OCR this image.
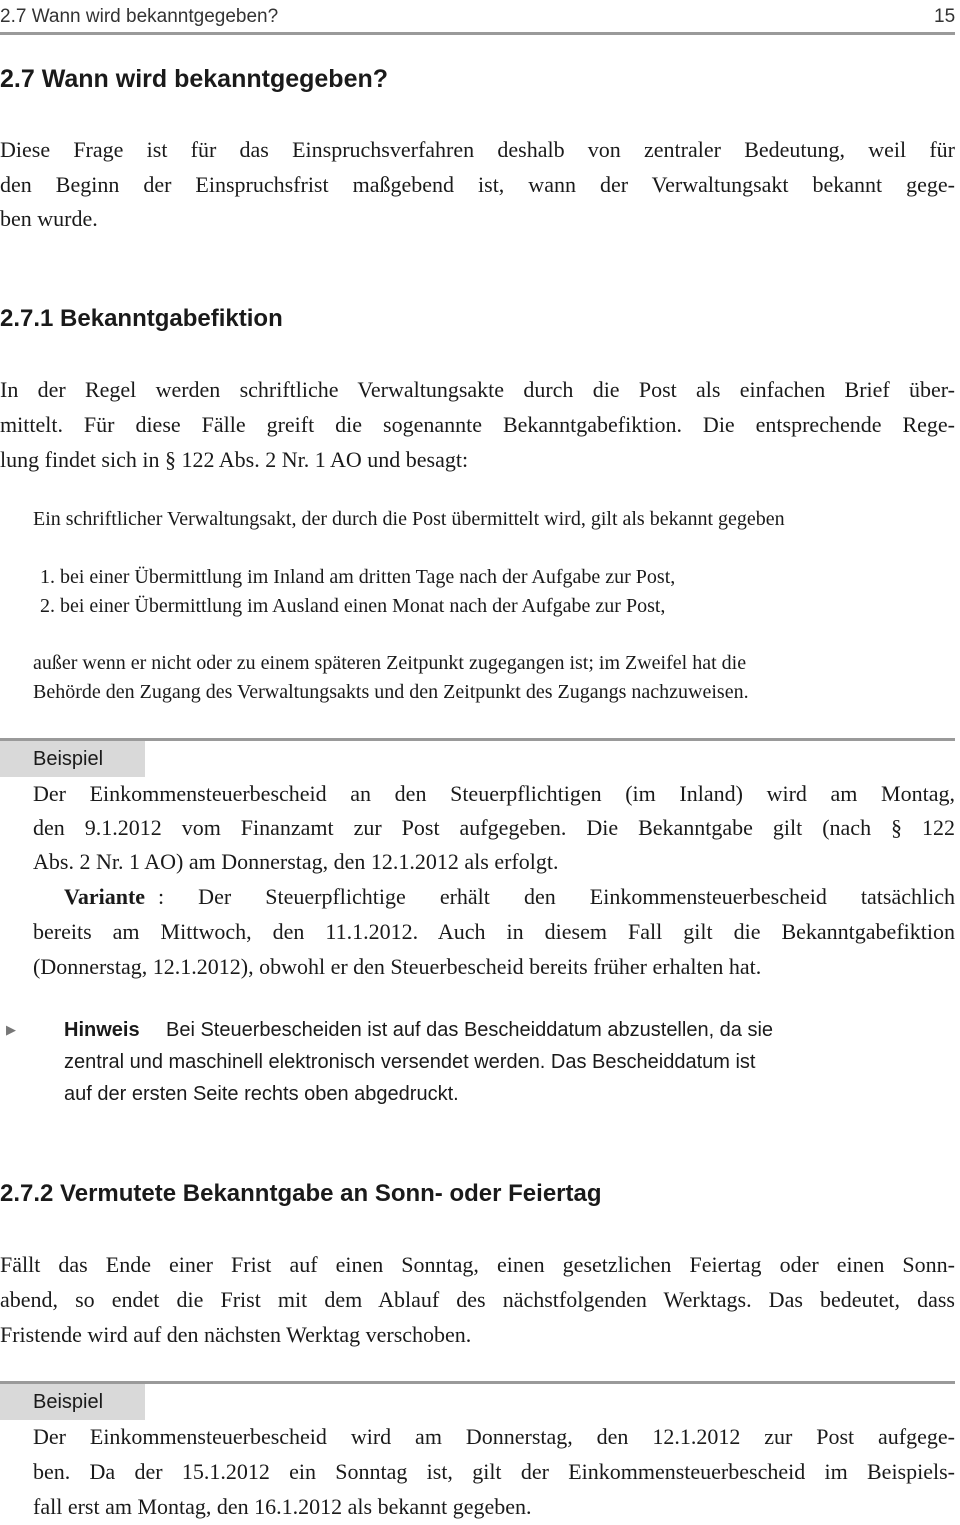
2.7 Wann wird bekanntgegeben?	15
2.7 Wann wird bekanntgegeben?
Diese Frage ist für das Einspruchsverfahren deshalb von zentraler Bedeutung, weil für
den Beginn der Einspruchsfrist maßgebend ist, wann der Verwaltungsakt bekannt gege-
ben wurde.
2.7.1 Bekanntgabefiktion
In der Regel werden schriftliche Verwaltungsakte durch die Post als einfachen Brief über-
mittelt. Für diese Fälle greift die sogenannte Bekanntgabefiktion. Die entsprechende Rege-
lung findet sich in § 122 Abs. 2 Nr. 1 AO und besagt:
Ein schriftlicher Verwaltungsakt, der durch die Post übermittelt wird, gilt als bekannt gegeben
1. bei einer Übermittlung im Inland am dritten Tage nach der Aufgabe zur Post,
2. bei einer Übermittlung im Ausland einen Monat nach der Aufgabe zur Post,
außer wenn er nicht oder zu einem späteren Zeitpunkt zugegangen ist; im Zweifel hat die
Behörde den Zugang des Verwaltungsakts und den Zeitpunkt des Zugangs nachzuweisen.
Beispiel
Der Einkommensteuerbescheid an den Steuerpflichtigen (im Inland) wird am Montag,
den 9.1.2012 vom Finanzamt zur Post aufgegeben. Die Bekanntgabe gilt (nach § 122
Abs. 2 Nr. 1 AO) am Donnerstag, den 12.1.2012 als erfolgt.
Variante : Der Steuerpflichtige erhält den Einkommensteuerbescheid tatsächlich
bereits am Mittwoch, den 11.1.2012. Auch in diesem Fall gilt die Bekanntgabefiktion
(Donnerstag, 12.1.2012), obwohl er den Steuerbescheid bereits früher erhalten hat.
▶ Hinweis Bei Steuerbescheiden ist auf das Bescheiddatum abzustellen, da sie
zentral und maschinell elektronisch versendet werden. Das Bescheiddatum ist
auf der ersten Seite rechts oben abgedruckt.
2.7.2 Vermutete Bekanntgabe an Sonn- oder Feiertag
Fällt das Ende einer Frist auf einen Sonntag, einen gesetzlichen Feiertag oder einen Sonn-
abend, so endet die Frist mit dem Ablauf des nächstfolgenden Werktags. Das bedeutet, dass
Fristende wird auf den nächsten Werktag verschoben.
Beispiel
Der Einkommensteuerbescheid wird am Donnerstag, den 12.1.2012 zur Post aufgege-
ben. Da der 15.1.2012 ein Sonntag ist, gilt der Einkommensteuerbescheid im Beispiels-
fall erst am Montag, den 16.1.2012 als bekannt gegeben.
